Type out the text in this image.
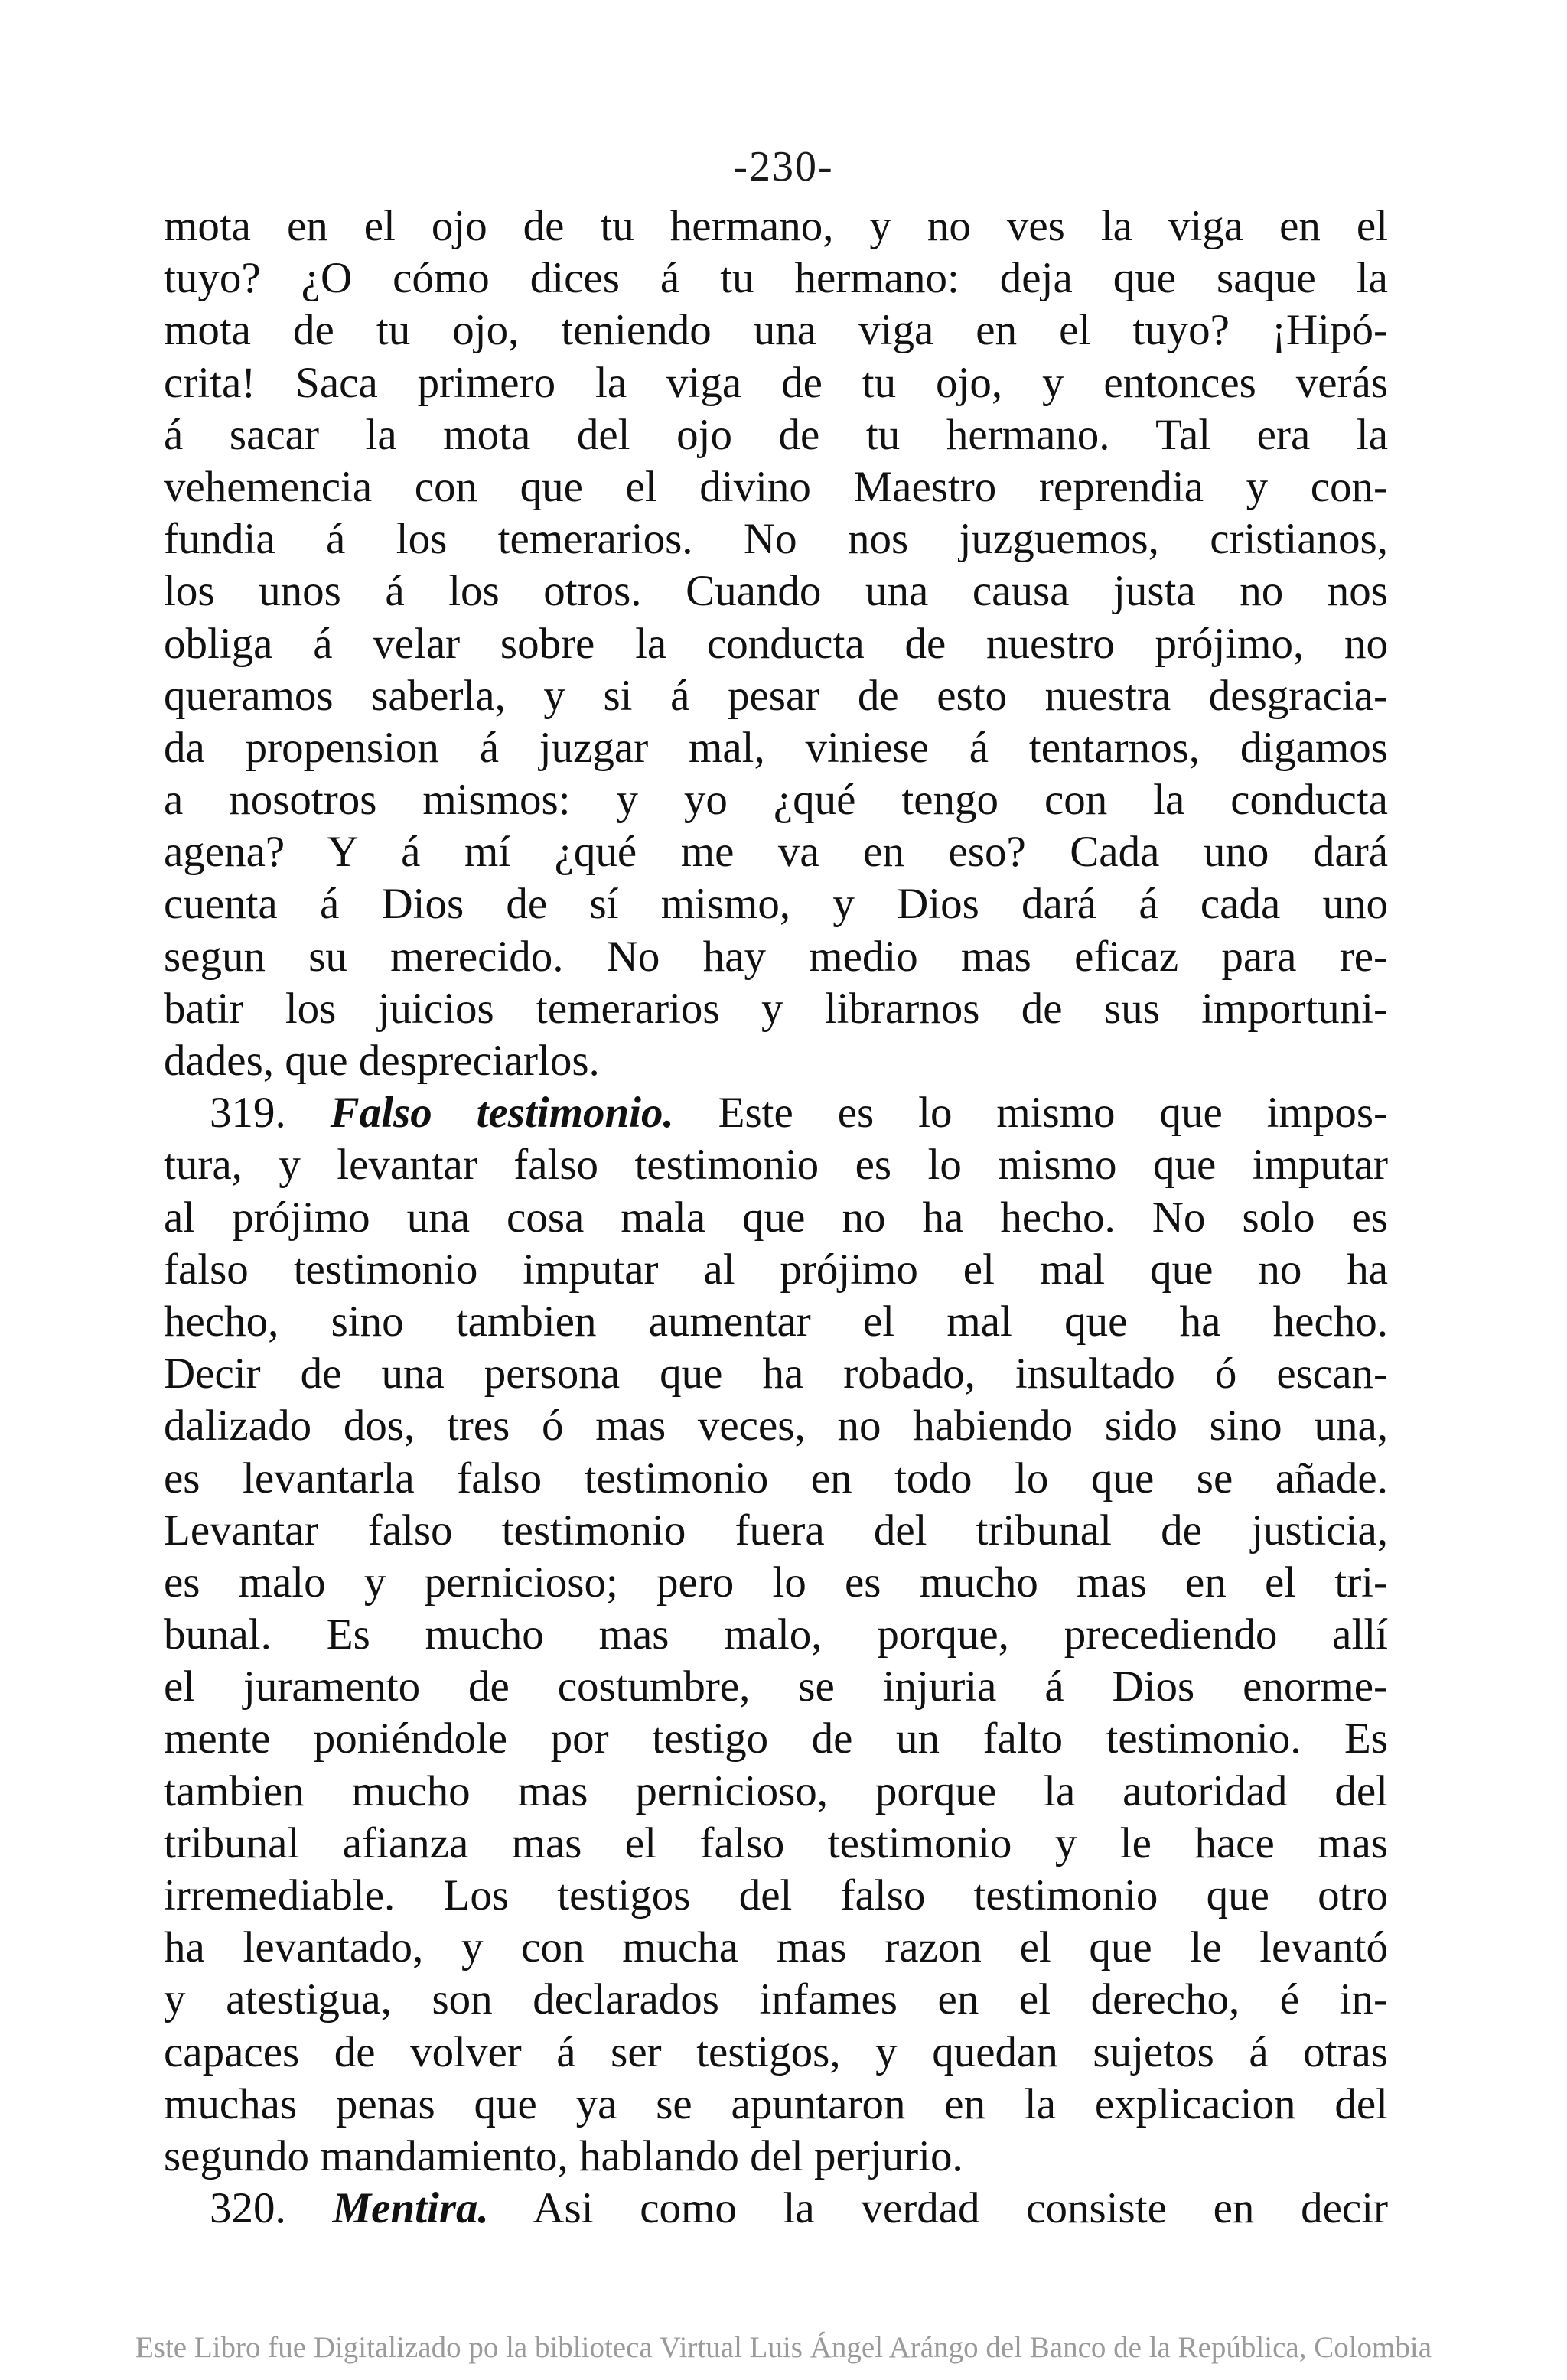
-230-
mota en el ojo de tu hermano, y no ves la viga en el
tuyo? ¿O cómo dices á tu hermano: deja que saque la
mota de tu ojo, teniendo una viga en el tuyo? ¡Hipó-
crita! Saca primero la viga de tu ojo, y entonces verás
á sacar la mota del ojo de tu hermano. Tal era la
vehemencia con que el divino Maestro reprendia y con-
fundia á los temerarios. No nos juzguemos, cristianos,
los unos á los otros. Cuando una causa justa no nos
obliga á velar sobre la conducta de nuestro prójimo, no
queramos saberla, y si á pesar de esto nuestra desgracia-
da propension á juzgar mal, viniese á tentarnos, digamos
a nosotros mismos: y yo ¿qué tengo con la conducta
agena? Y á mí ¿qué me va en eso? Cada uno dará
cuenta á Dios de sí mismo, y Dios dará á cada uno
segun su merecido. No hay medio mas eficaz para re-
batir los juicios temerarios y librarnos de sus importuni-
dades, que despreciarlos.
319. Falso testimonio. Este es lo mismo que impos-
tura, y levantar falso testimonio es lo mismo que imputar
al prójimo una cosa mala que no ha hecho. No solo es
falso testimonio imputar al prójimo el mal que no ha
hecho, sino tambien aumentar el mal que ha hecho.
Decir de una persona que ha robado, insultado ó escan-
dalizado dos, tres ó mas veces, no habiendo sido sino una,
es levantarla falso testimonio en todo lo que se añade.
Levantar falso testimonio fuera del tribunal de justicia,
es malo y pernicioso; pero lo es mucho mas en el tri-
bunal. Es mucho mas malo, porque, precediendo allí
el juramento de costumbre, se injuria á Dios enorme-
mente poniéndole por testigo de un falto testimonio. Es
tambien mucho mas pernicioso, porque la autoridad del
tribunal afianza mas el falso testimonio y le hace mas
irremediable. Los testigos del falso testimonio que otro
ha levantado, y con mucha mas razon el que le levantó
y atestigua, son declarados infames en el derecho, é in-
capaces de volver á ser testigos, y quedan sujetos á otras
muchas penas que ya se apuntaron en la explicacion del
segundo mandamiento, hablando del perjurio.
320. Mentira. Asi como la verdad consiste en decir
Este Libro fue Digitalizado po la biblioteca Virtual Luis Ángel Arángo del Banco de la República, Colombia
